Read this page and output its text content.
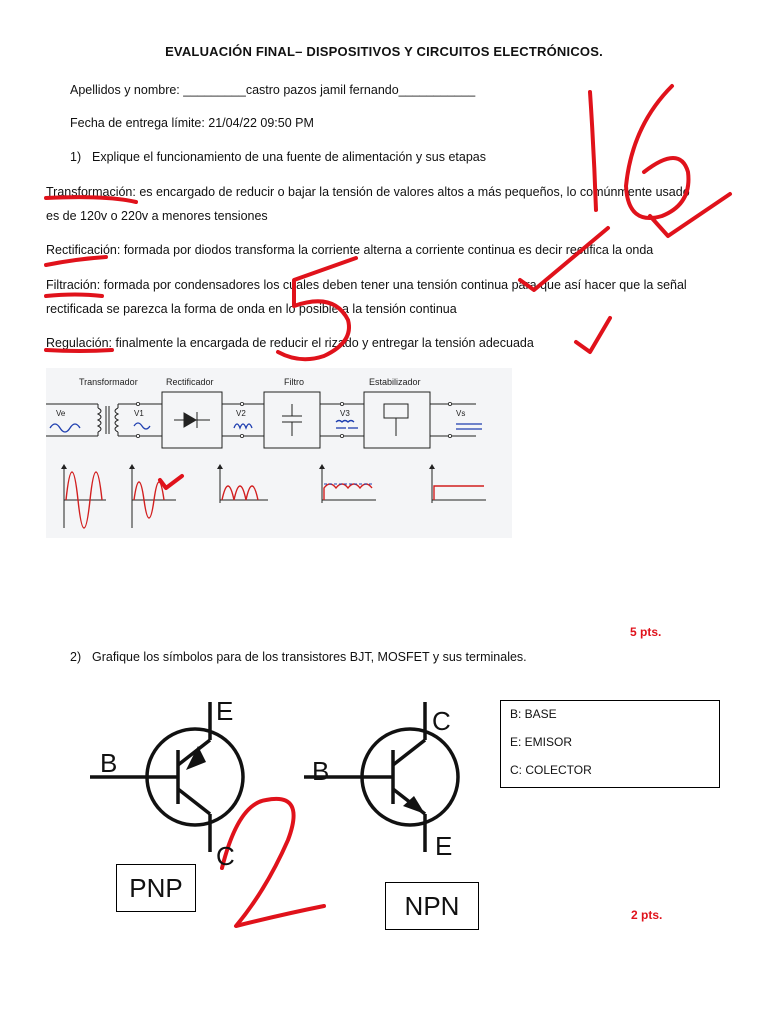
EVALUACIÓN FINAL– DISPOSITIVOS Y CIRCUITOS ELECTRÓNICOS.
Apellidos y nombre: _________castro pazos jamil fernando___________
Fecha de entrega límite: 21/04/22 09:50 PM
1) Explique el funcionamiento de una fuente de alimentación y sus etapas
Transformación: es encargado de reducir o bajar la tensión de valores altos a más pequeños, lo comúnmente usado
es de 120v o 220v a menores tensiones
Rectificación: formada por diodos transforma la corriente alterna a corriente continua es decir rectifica la onda
Filtración: formada por condensadores los cuales deben tener una tensión continua para que así hacer que la señal
rectificada se parezca la forma de onda en lo posible a la tensión continua
Regulación: finalmente la encargada de reducir el rizado y entregar la tensión adecuada
Transformador	Rectificador	Filtro	Estabilizador
Ve	V1	V2	V3	Vs
5 pts.
2) Grafique los símbolos para de los transistores BJT, MOSFET y sus terminales.
B
E
C
B
C
E
PNP
NPN
B: BASE
E: EMISOR
C: COLECTOR
2 pts.
